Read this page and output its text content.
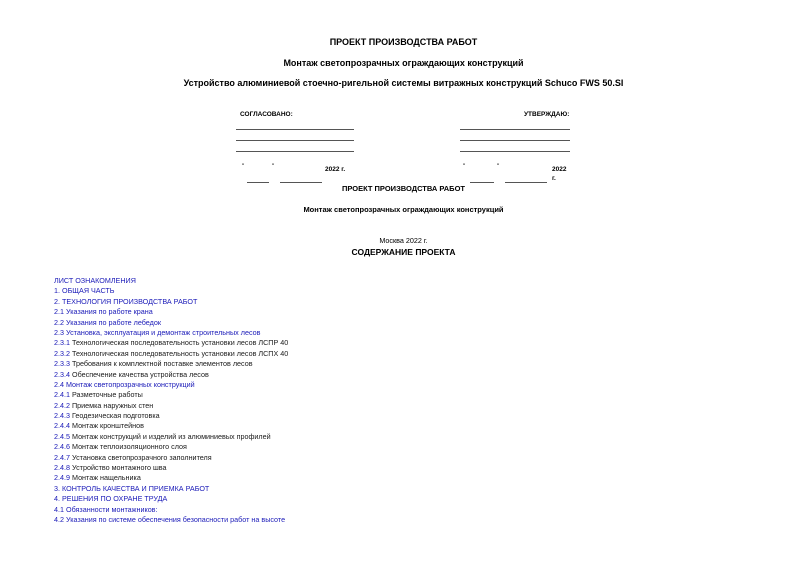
ПРОЕКТ ПРОИЗВОДСТВА РАБОТ
Монтаж светопрозрачных ограждающих конструкций
Устройство алюминиевой стоечно-ригельной системы витражных конструкций Schuco FWS 50.SI
СОГЛАСОВАНО:	УТВЕРЖДАЮ:
"	"	2022 г.	"	"	2022
г.
ПРОЕКТ ПРОИЗВОДСТВА РАБОТ
Монтаж светопрозрачных ограждающих конструкций
Москва 2022 г.
СОДЕРЖАНИЕ ПРОЕКТА
ЛИСТ ОЗНАКОМЛЕНИЯ
1. ОБЩАЯ ЧАСТЬ
2. ТЕХНОЛОГИЯ ПРОИЗВОДСТВА РАБОТ
2.1 Указания по работе крана
2.2 Указания по работе лебедок
2.3 Установка, эксплуатация и демонтаж строительных лесов
2.3.1 Технологическая последовательность установки лесов ЛСПР 40
2.3.2 Технологическая последовательность установки лесов ЛСПХ 40
2.3.3 Требования к комплектной поставке элементов лесов
2.3.4 Обеспечение качества устройства лесов
2.4 Монтаж светопрозрачных конструкций
2.4.1 Разметочные работы
2.4.2 Приемка наружных стен
2.4.3 Геодезическая подготовка
2.4.4 Монтаж кронштейнов
2.4.5 Монтаж конструкций и изделий из алюминиевых профилей
2.4.6 Монтаж теплоизоляционного слоя
2.4.7 Установка светопрозрачного заполнителя
2.4.8 Устройство монтажного шва
2.4.9 Монтаж нащельника
3. КОНТРОЛЬ КАЧЕСТВА И ПРИЕМКА РАБОТ
4. РЕШЕНИЯ ПО ОХРАНЕ ТРУДА
4.1 Обязанности монтажников:
4.2 Указания по системе обеспечения безопасности работ на высоте
